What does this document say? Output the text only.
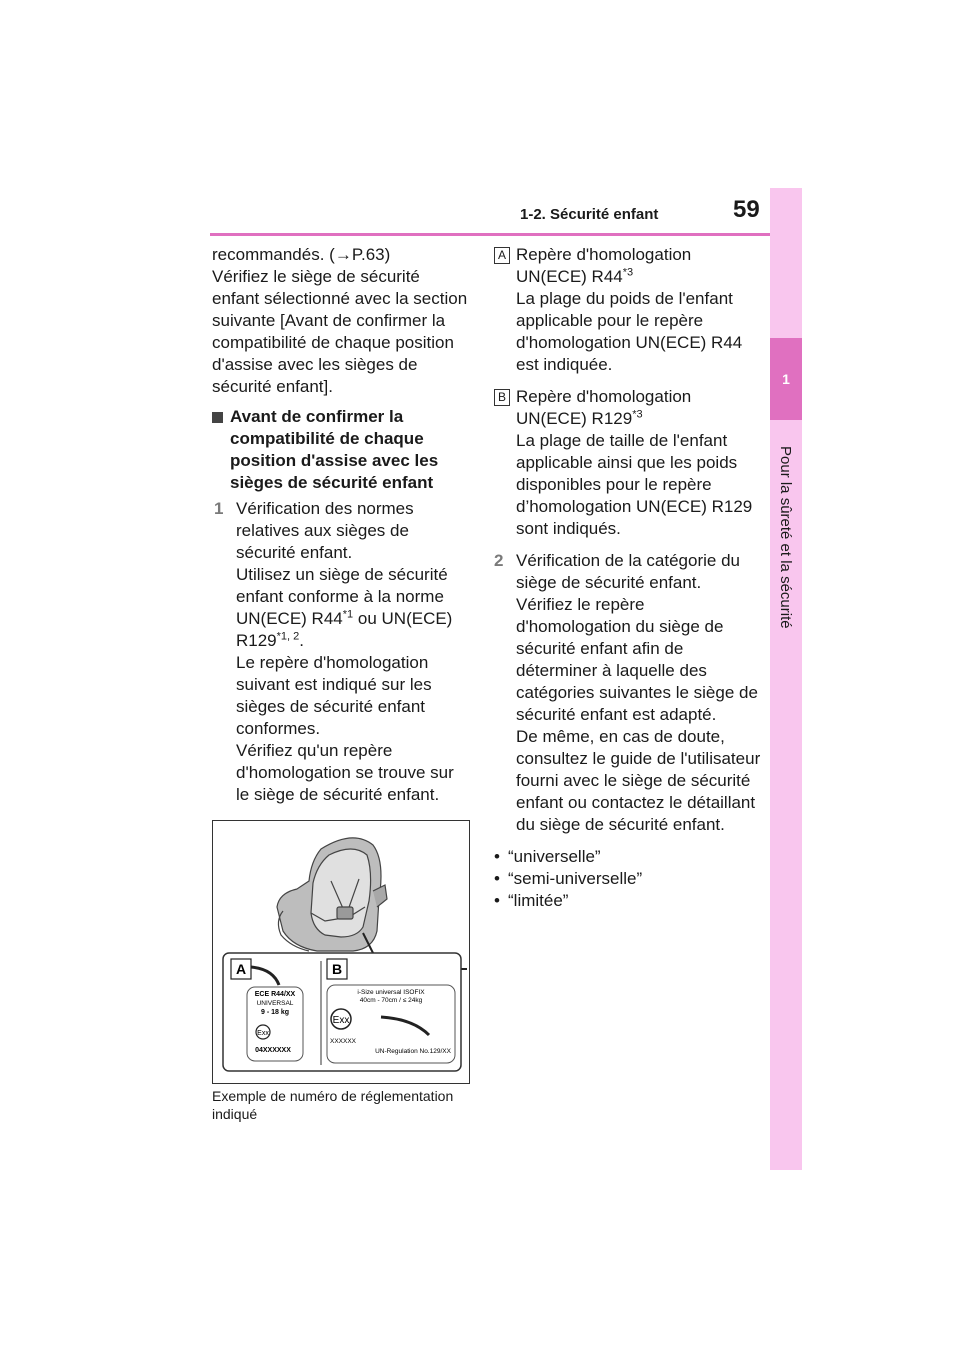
1-2. Sécurité enfant	59
1
Pour la sûreté et la sécurité

recommandés. (→P.63)

Vérifiez le siège de sécurité enfant sélectionné avec la section suivante [Avant de confirmer la compatibilité de chaque position d'assise avec les sièges de sécurité enfant].

Avant de confirmer la compatibilité de chaque position d'assise avec les sièges de sécurité enfant
1 Vérification des normes relatives aux sièges de sécurité enfant.

Utilisez un siège de sécurité enfant conforme à la norme UN(ECE) R44$^{*1}$ ou UN(ECE) R129$^{*1, 2}$.

Le repère d'homologation suivant est indiqué sur les sièges de sécurité enfant conformes.

Vérifiez qu'un repère d'homologation se trouve sur le siège de sécurité enfant.

A	B
ECE R44/XX
UNIVERSAL
9 - 18 kg
Exx
04XXXXXX
i-Size universal ISOFIX
40cm - 70cm / ≤ 24kg
Exx
XXXXXX
UN-Regulation No.129/XX
Exemple de numéro de réglementation indiqué
A Repère d'homologation UN(ECE) R44$^{*3}$

La plage du poids de l'enfant applicable pour le repère d'homologation UN(ECE) R44 est indiquée.

B Repère d'homologation UN(ECE) R129$^{*3}$

La plage de taille de l'enfant applicable ainsi que les poids disponibles pour le repère d’homologation UN(ECE) R129 sont indiqués.

2 Vérification de la catégorie du siège de sécurité enfant.

Vérifiez le repère d'homologation du siège de sécurité enfant afin de déterminer à laquelle des catégories suivantes le siège de sécurité enfant est adapté.

De même, en cas de doute, consultez le guide de l'utilisateur fourni avec le siège de sécurité enfant ou contactez le détaillant du siège de sécurité enfant.

• “universelle”
• “semi-universelle”
• “limitée”
